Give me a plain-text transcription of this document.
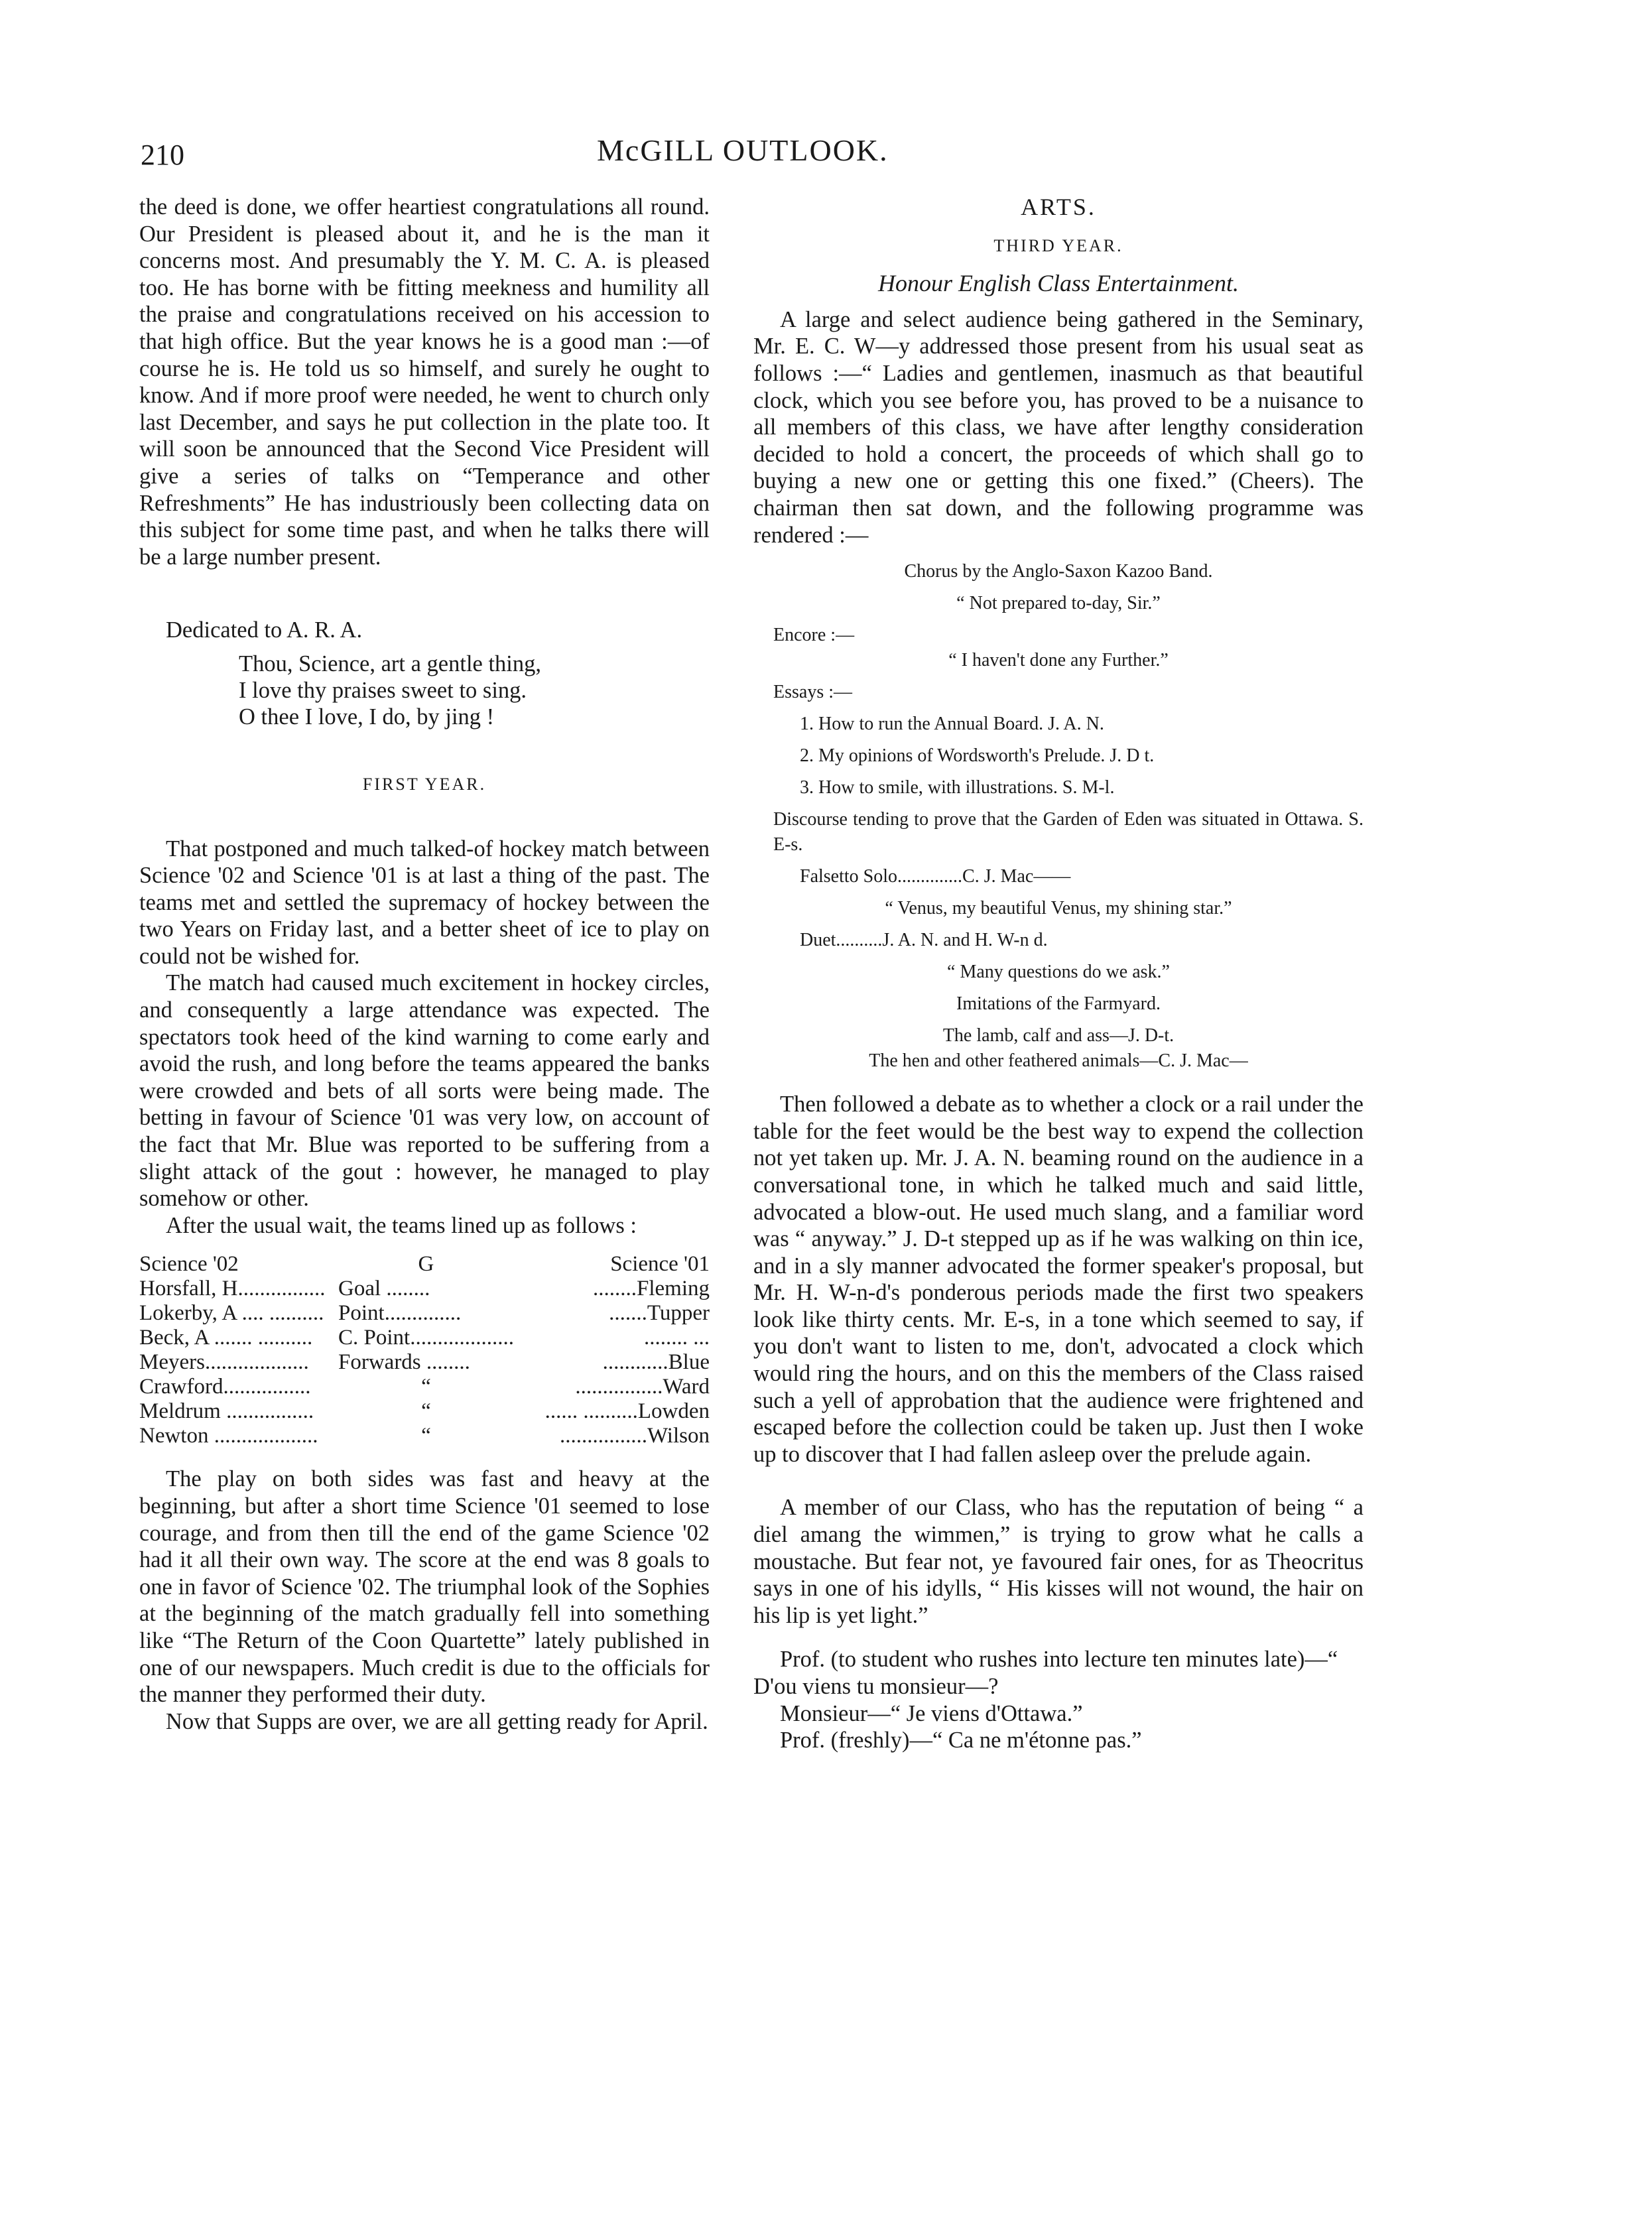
210	McGILL OUTLOOK.

the deed is done, we offer heartiest congratulations all round. Our President is pleased about it, and he is the man it concerns most. And presumably the Y. M. C. A. is pleased too. He has borne with be fitting meekness and humility all the praise and congratulations received on his accession to that high office. But the year knows he is a good man :—of course he is. He told us so himself, and surely he ought to know. And if more proof were needed, he went to church only last December, and says he put collection in the plate too. It will soon be announced that the Second Vice President will give a series of talks on “Temperance and other Refreshments” He has industriously been collecting data on this subject for some time past, and when he talks there will be a large number present.

Dedicated to A. R. A.

Thou, Science, art a gentle thing,
I love thy praises sweet to sing.
O thee I love, I do, by jing !
FIRST YEAR.

That postponed and much talked-of hockey match between Science '02 and Science '01 is at last a thing of the past. The teams met and settled the supremacy of hockey between the two Years on Friday last, and a better sheet of ice to play on could not be wished for.

The match had caused much excitement in hockey circles, and consequently a large attendance was expected. The spectators took heed of the kind warning to come early and avoid the rush, and long before the teams appeared the banks were crowded and bets of all sorts were being made. The betting in favour of Science '01 was very low, on account of the fact that Mr. Blue was reported to be suffering from a slight attack of the gout : however, he managed to play somehow or other.

After the usual wait, the teams lined up as follows :

Science '02	G	Science '01
Horsfall, H................	Goal ........	........Fleming
Lokerby, A .... ..........	Point..............	.......Tupper
Beck, A ....... ..........	C. Point...................	........ ...
Meyers...................	Forwards ........	............Blue
Crawford................	“	................Ward
Meldrum ................	“	...... ..........Lowden
Newton ...................	“	................Wilson

The play on both sides was fast and heavy at the beginning, but after a short time Science '01 seemed to lose courage, and from then till the end of the game Science '02 had it all their own way. The score at the end was 8 goals to one in favor of Science '02. The triumphal look of the Sophies at the beginning of the match gradually fell into something like “The Return of the Coon Quartette” lately published in one of our newspapers. Much credit is due to the officials for the manner they performed their duty.

Now that Supps are over, we are all getting ready for April.

ARTS.
THIRD YEAR.
Honour English Class Entertainment.

A large and select audience being gathered in the Seminary, Mr. E. C. W—y addressed those present from his usual seat as follows :—“ Ladies and gentlemen, inasmuch as that beautiful clock, which you see before you, has proved to be a nuisance to all members of this class, we have after lengthy consideration decided to hold a concert, the proceeds of which shall go to buying a new one or getting this one fixed.” (Cheers). The chairman then sat down, and the following programme was rendered :—

Chorus by the Anglo-Saxon Kazoo Band.
“ Not prepared to-day, Sir.”
Encore :—
“ I haven't done any Further.”
Essays :—
1. How to run the Annual Board. J. A. N.
2. My opinions of Wordsworth's Prelude. J. D t.
3. How to smile, with illustrations. S. M-l.
Discourse tending to prove that the Garden of Eden was situated in Ottawa. S. E-s.
Falsetto Solo..............C. J. Mac——
“ Venus, my beautiful Venus, my shining star.”
Duet..........J. A. N. and H. W-n d.
“ Many questions do we ask.”
Imitations of the Farmyard.
The lamb, calf and ass—J. D-t.
The hen and other feathered animals—C. J. Mac—

Then followed a debate as to whether a clock or a rail under the table for the feet would be the best way to expend the collection not yet taken up. Mr. J. A. N. beaming round on the audience in a conversational tone, in which he talked much and said little, advocated a blow-out. He used much slang, and a familiar word was “ anyway.” J. D-t stepped up as if he was walking on thin ice, and in a sly manner advocated the former speaker's proposal, but Mr. H. W-n-d's ponderous periods made the first two speakers look like thirty cents. Mr. E-s, in a tone which seemed to say, if you don't want to listen to me, don't, advocated a clock which would ring the hours, and on this the members of the Class raised such a yell of approbation that the audience were frightened and escaped before the collection could be taken up. Just then I woke up to discover that I had fallen asleep over the prelude again.

A member of our Class, who has the reputation of being “ a diel amang the wimmen,” is trying to grow what he calls a moustache. But fear not, ye favoured fair ones, for as Theocritus says in one of his idylls, “ His kisses will not wound, the hair on his lip is yet light.”

Prof. (to student who rushes into lecture ten minutes late)—“ D'ou viens tu monsieur—?

Monsieur—“ Je viens d'Ottawa.”

Prof. (freshly)—“ Ca ne m'étonne pas.”
